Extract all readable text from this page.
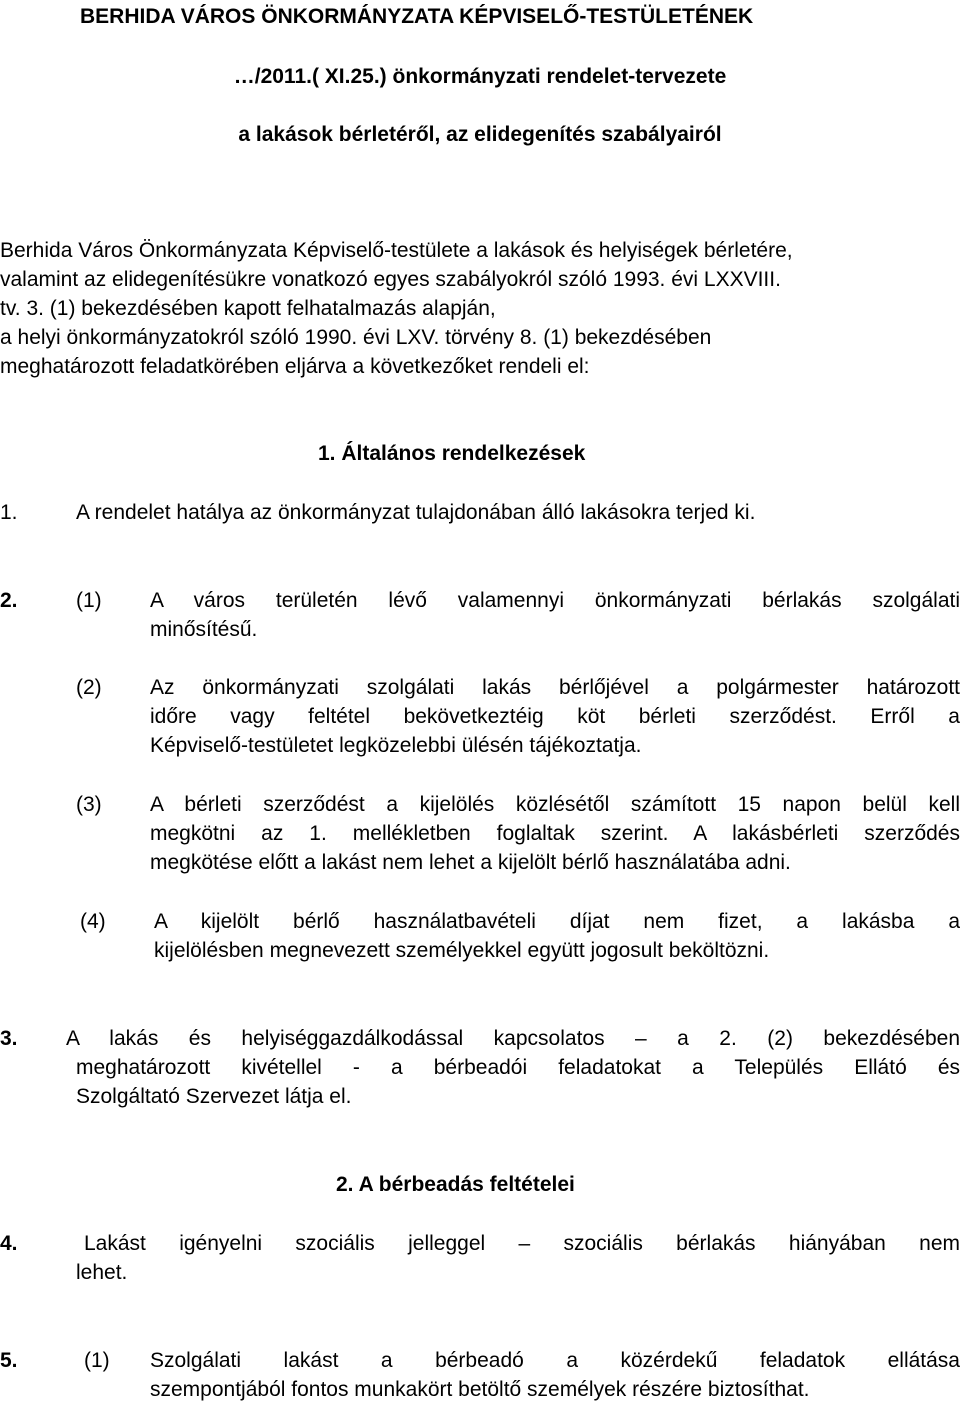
BERHIDA VÁROS ÖNKORMÁNYZATA KÉPVISELŐ-TESTÜLETÉNEK
…/2011.( XI.25.) önkormányzati rendelet-tervezete
a lakások bérletéről, az elidegenítés szabályairól
Berhida Város Önkormányzata Képviselő-testülete a lakások és helyiségek bérletére,
valamint az elidegenítésükre vonatkozó egyes szabályokról szóló 1993. évi LXXVIII.
tv. 3. (1) bekezdésében kapott felhatalmazás alapján,
a helyi önkormányzatokról szóló 1990. évi LXV. törvény 8. (1) bekezdésében
meghatározott feladatkörében eljárva a következőket rendeli el:
1. Általános rendelkezések
1.	A rendelet hatálya az önkormányzat tulajdonában álló lakásokra terjed ki.
2.	(1) A város területén lévő valamennyi önkormányzati bérlakás szolgálati
minősítésű.
(2) Az önkormányzati szolgálati lakás bérlőjével a polgármester határozott
időre vagy feltétel bekövetkeztéig köt bérleti szerződést. Erről a
Képviselő-testületet legközelebbi ülésén tájékoztatja.
(3) A bérleti szerződést a kijelölés közlésétől számított 15 napon belül kell
megkötni az 1. mellékletben foglaltak szerint. A lakásbérleti szerződés
megkötése előtt a lakást nem lehet a kijelölt bérlő használatába adni.
(4) A kijelölt bérlő használatbavételi díjat nem fizet, a lakásba a
kijelölésben megnevezett személyekkel együtt jogosult beköltözni.
3. A lakás és helyiséggazdálkodással kapcsolatos – a 2. (2) bekezdésében
meghatározott kivétellel - a bérbeadói feladatokat a Település Ellátó és
Szolgáltató Szervezet látja el.
2. A bérbeadás feltételei
4.	Lakást igényelni szociális jelleggel – szociális bérlakás hiányában nem
lehet.
5.	(1) Szolgálati lakást a bérbeadó a közérdekű feladatok ellátása
szempontjából fontos munkakört betöltő személyek részére biztosíthat.
